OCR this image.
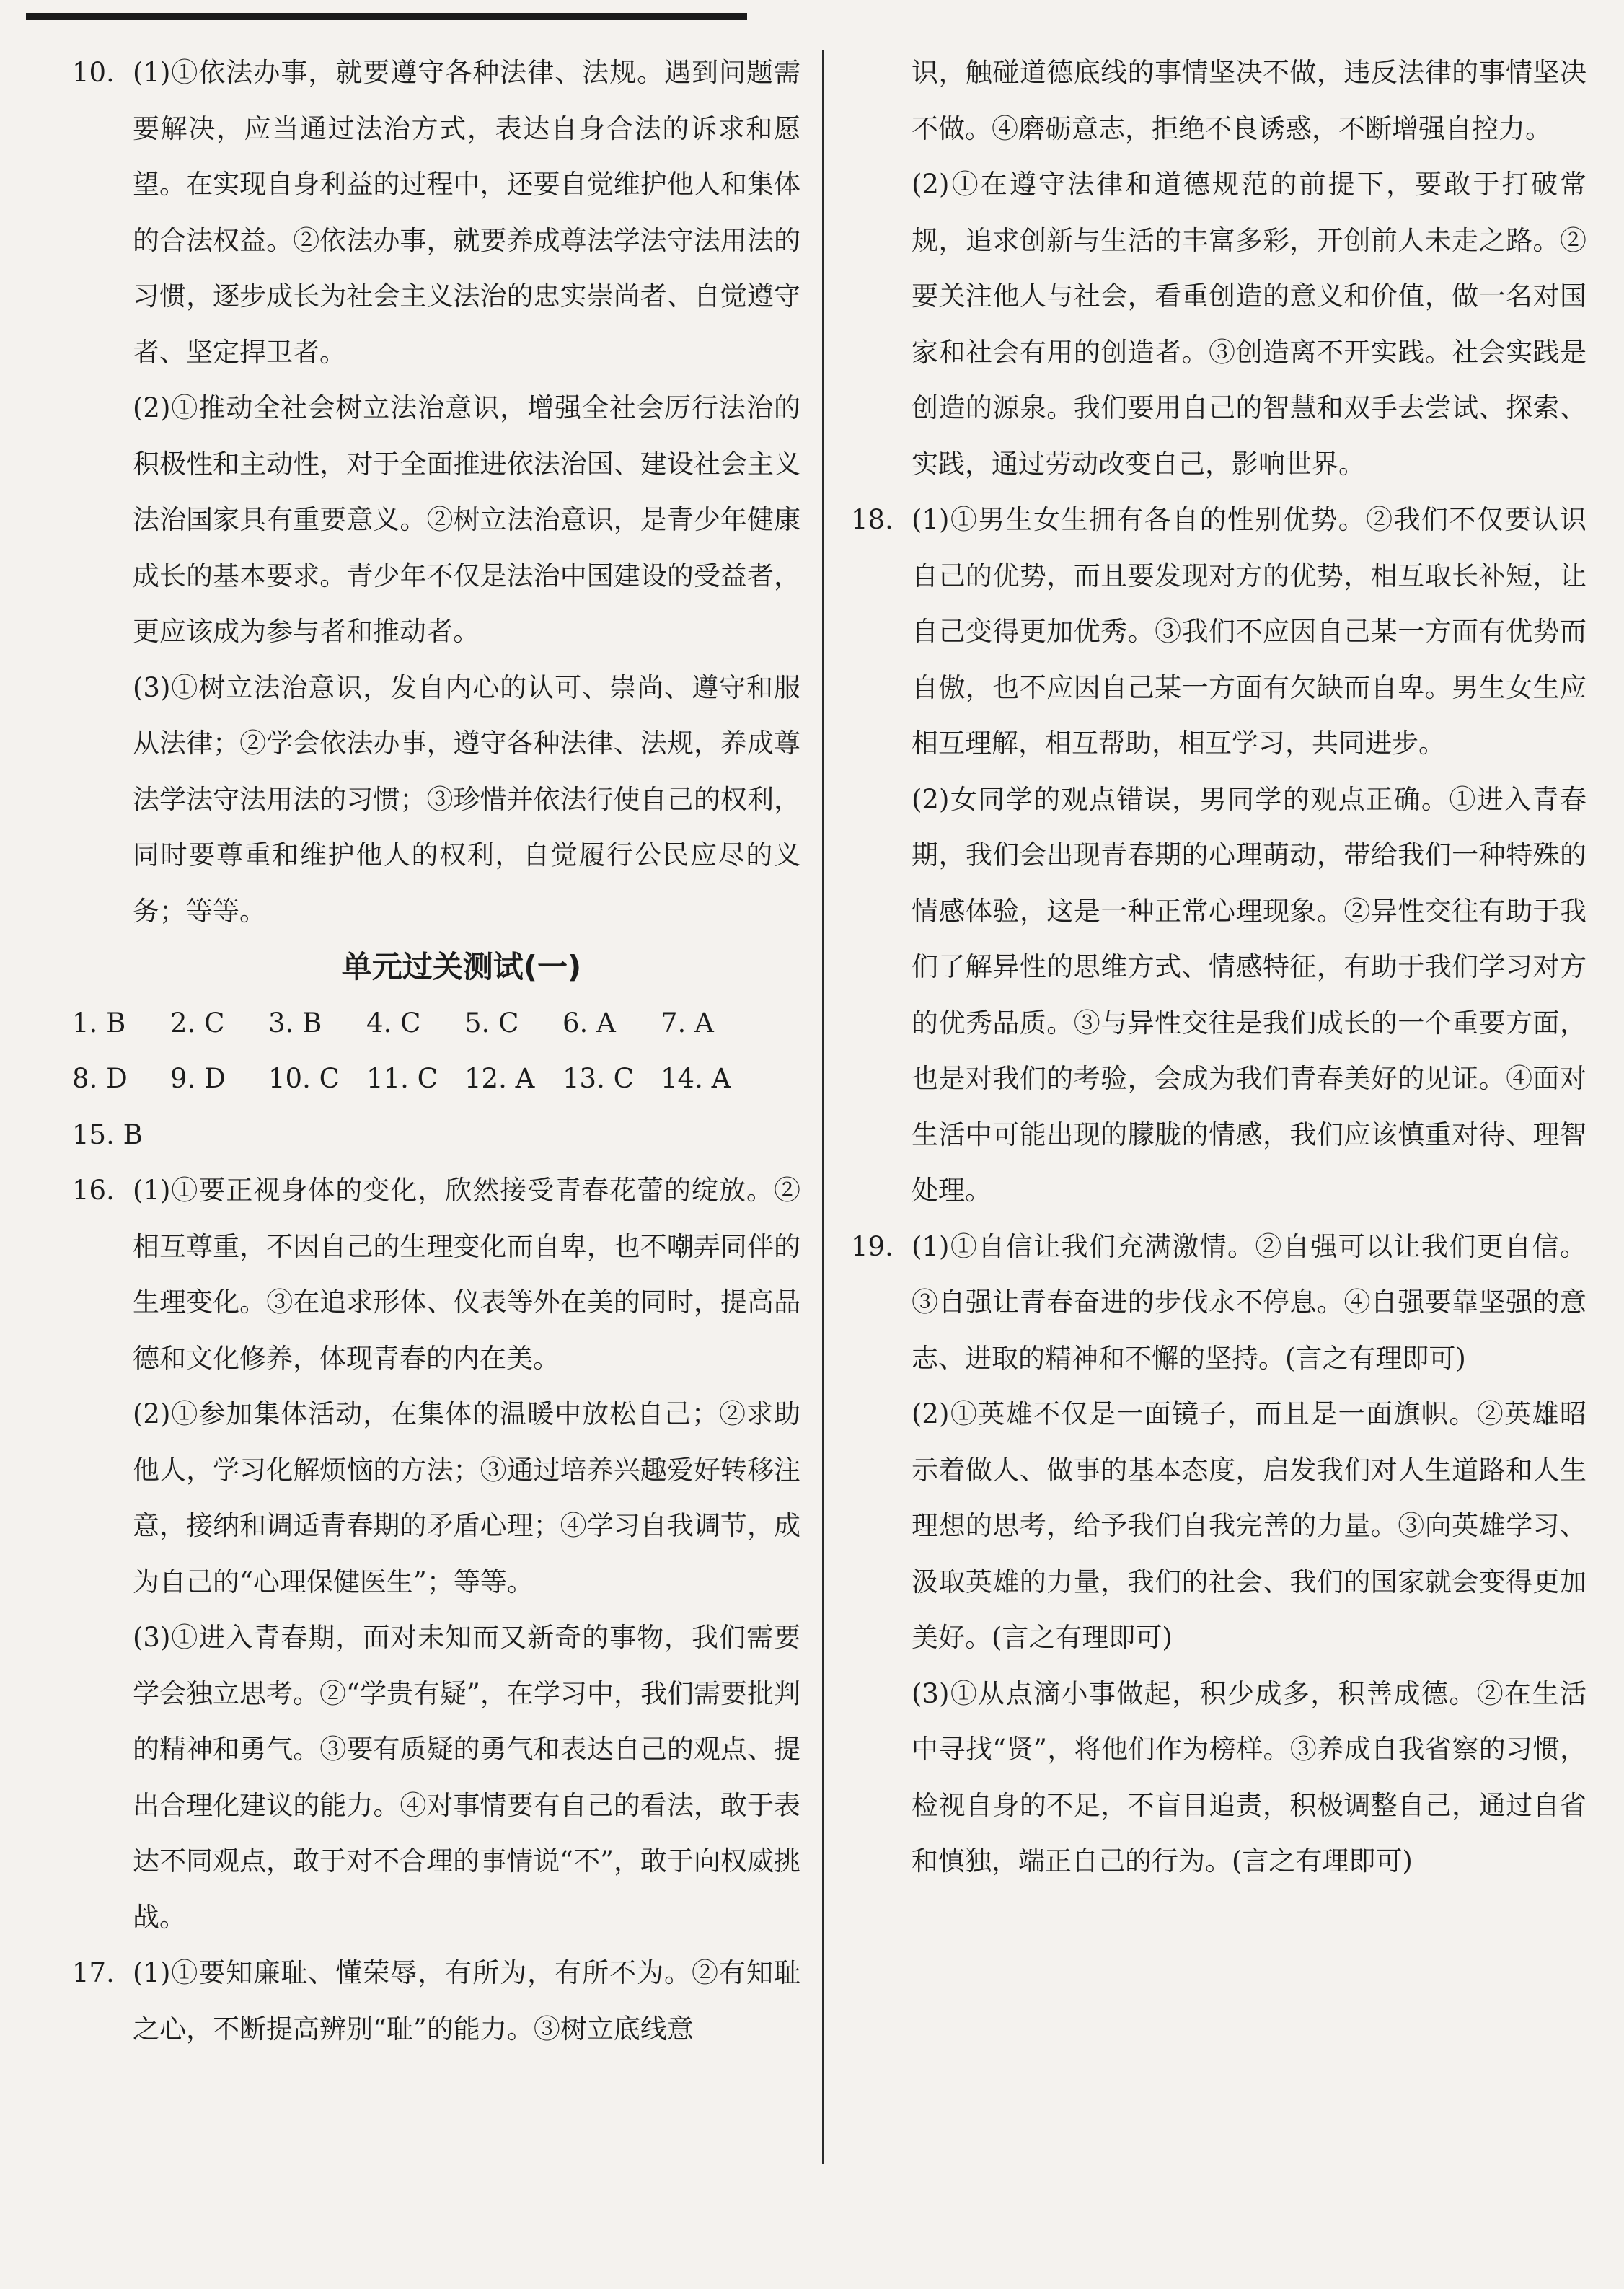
10. (1)①依法办事，就要遵守各种法律、法规。遇到问题需要解决，应当通过法治方式，表达自身合法的诉求和愿望。在实现自身利益的过程中，还要自觉维护他人和集体的合法权益。②依法办事，就要养成尊法学法守法用法的习惯，逐步成长为社会主义法治的忠实崇尚者、自觉遵守者、坚定捍卫者。

(2)①推动全社会树立法治意识，增强全社会厉行法治的积极性和主动性，对于全面推进依法治国、建设社会主义法治国家具有重要意义。②树立法治意识，是青少年健康成长的基本要求。青少年不仅是法治中国建设的受益者，更应该成为参与者和推动者。

(3)①树立法治意识，发自内心的认可、崇尚、遵守和服从法律；②学会依法办事，遵守各种法律、法规，养成尊法学法守法用法的习惯；③珍惜并依法行使自己的权利，同时要尊重和维护他人的权利，自觉履行公民应尽的义务；等等。

单元过关测试(一)

1. B	2. C	3. B	4. C	5. C	6. A	7. A
8. D	9. D	10. C	11. C	12. A	13. C	14. A
15. B
16. (1)①要正视身体的变化，欣然接受青春花蕾的绽放。②相互尊重，不因自己的生理变化而自卑，也不嘲弄同伴的生理变化。③在追求形体、仪表等外在美的同时，提高品德和文化修养，体现青春的内在美。

(2)①参加集体活动，在集体的温暖中放松自己；②求助他人，学习化解烦恼的方法；③通过培养兴趣爱好转移注意，接纳和调适青春期的矛盾心理；④学习自我调节，成为自己的“心理保健医生”；等等。

(3)①进入青春期，面对未知而又新奇的事物，我们需要学会独立思考。②“学贵有疑”，在学习中，我们需要批判的精神和勇气。③要有质疑的勇气和表达自己的观点、提出合理化建议的能力。④对事情要有自己的看法，敢于表达不同观点，敢于对不合理的事情说“不”，敢于向权威挑战。

17. (1)①要知廉耻、懂荣辱，有所为，有所不为。②有知耻之心，不断提高辨别“耻”的能力。③树立底线意

识，触碰道德底线的事情坚决不做，违反法律的事情坚决不做。④磨砺意志，拒绝不良诱惑，不断增强自控力。

(2)①在遵守法律和道德规范的前提下，要敢于打破常规，追求创新与生活的丰富多彩，开创前人未走之路。②要关注他人与社会，看重创造的意义和价值，做一名对国家和社会有用的创造者。③创造离不开实践。社会实践是创造的源泉。我们要用自己的智慧和双手去尝试、探索、实践，通过劳动改变自己，影响世界。

18. (1)①男生女生拥有各自的性别优势。②我们不仅要认识自己的优势，而且要发现对方的优势，相互取长补短，让自己变得更加优秀。③我们不应因自己某一方面有优势而自傲，也不应因自己某一方面有欠缺而自卑。男生女生应相互理解，相互帮助，相互学习，共同进步。

(2)女同学的观点错误，男同学的观点正确。①进入青春期，我们会出现青春期的心理萌动，带给我们一种特殊的情感体验，这是一种正常心理现象。②异性交往有助于我们了解异性的思维方式、情感特征，有助于我们学习对方的优秀品质。③与异性交往是我们成长的一个重要方面，也是对我们的考验，会成为我们青春美好的见证。④面对生活中可能出现的朦胧的情感，我们应该慎重对待、理智处理。

19. (1)①自信让我们充满激情。②自强可以让我们更自信。③自强让青春奋进的步伐永不停息。④自强要靠坚强的意志、进取的精神和不懈的坚持。(言之有理即可)

(2)①英雄不仅是一面镜子，而且是一面旗帜。②英雄昭示着做人、做事的基本态度，启发我们对人生道路和人生理想的思考，给予我们自我完善的力量。③向英雄学习、汲取英雄的力量，我们的社会、我们的国家就会变得更加美好。(言之有理即可)

(3)①从点滴小事做起，积少成多，积善成德。②在生活中寻找“贤”，将他们作为榜样。③养成自我省察的习惯，检视自身的不足，不盲目追责，积极调整自己，通过自省和慎独，端正自己的行为。(言之有理即可)
